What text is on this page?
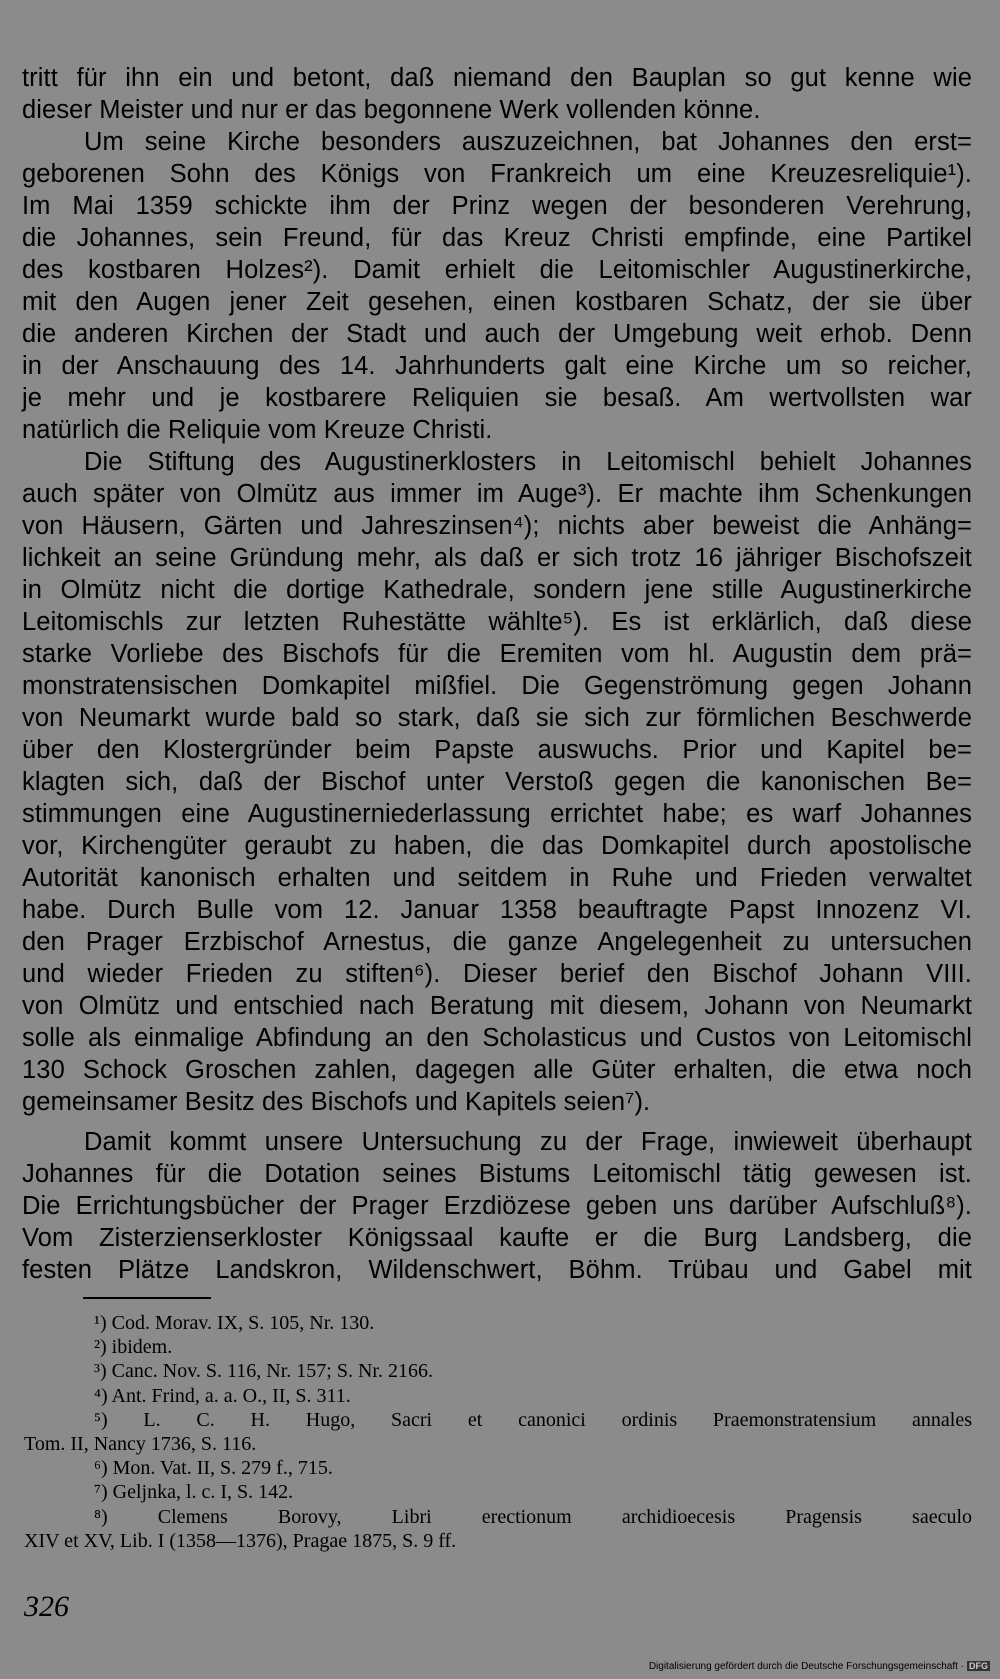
tritt für ihn ein und betont, daß niemand den Bauplan so gut kenne wie
dieser Meister und nur er das begonnene Werk vollenden könne.
Um seine Kirche besonders auszuzeichnen, bat Johannes den erst=
geborenen Sohn des Königs von Frankreich um eine Kreuzesreliquie¹).
Im Mai 1359 schickte ihm der Prinz wegen der besonderen Verehrung,
die Johannes, sein Freund, für das Kreuz Christi empfinde, eine Partikel
des kostbaren Holzes²). Damit erhielt die Leitomischler Augustinerkirche,
mit den Augen jener Zeit gesehen, einen kostbaren Schatz, der sie über
die anderen Kirchen der Stadt und auch der Umgebung weit erhob. Denn
in der Anschauung des 14. Jahrhunderts galt eine Kirche um so reicher,
je mehr und je kostbarere Reliquien sie besaß. Am wertvollsten war
natürlich die Reliquie vom Kreuze Christi.
Die Stiftung des Augustinerklosters in Leitomischl behielt Johannes
auch später von Olmütz aus immer im Auge³). Er machte ihm Schenkungen
von Häusern, Gärten und Jahreszinsen⁴); nichts aber beweist die Anhäng=
lichkeit an seine Gründung mehr, als daß er sich trotz 16 jähriger Bischofszeit
in Olmütz nicht die dortige Kathedrale, sondern jene stille Augustinerkirche
Leitomischls zur letzten Ruhestätte wählte⁵). Es ist erklärlich, daß diese
starke Vorliebe des Bischofs für die Eremiten vom hl. Augustin dem prä=
monstratensischen Domkapitel mißfiel. Die Gegenströmung gegen Johann
von Neumarkt wurde bald so stark, daß sie sich zur förmlichen Beschwerde
über den Klostergründer beim Papste auswuchs. Prior und Kapitel be=
klagten sich, daß der Bischof unter Verstoß gegen die kanonischen Be=
stimmungen eine Augustinerniederlassung errichtet habe; es warf Johannes
vor, Kirchengüter geraubt zu haben, die das Domkapitel durch apostolische
Autorität kanonisch erhalten und seitdem in Ruhe und Frieden verwaltet
habe. Durch Bulle vom 12. Januar 1358 beauftragte Papst Innozenz VI.
den Prager Erzbischof Arnestus, die ganze Angelegenheit zu untersuchen
und wieder Frieden zu stiften⁶). Dieser berief den Bischof Johann VIII.
von Olmütz und entschied nach Beratung mit diesem, Johann von Neumarkt
solle als einmalige Abfindung an den Scholasticus und Custos von Leitomischl
130 Schock Groschen zahlen, dagegen alle Güter erhalten, die etwa noch
gemeinsamer Besitz des Bischofs und Kapitels seien⁷).
Damit kommt unsere Untersuchung zu der Frage, inwieweit überhaupt
Johannes für die Dotation seines Bistums Leitomischl tätig gewesen ist.
Die Errichtungsbücher der Prager Erzdiözese geben uns darüber Aufschluß⁸).
Vom Zisterzienserkloster Königssaal kaufte er die Burg Landsberg, die
festen Plätze Landskron, Wildenschwert, Böhm. Trübau und Gabel mit
¹) Cod. Morav. IX, S. 105, Nr. 130.
²) ibidem.
³) Canc. Nov. S. 116, Nr. 157; S. Nr. 2166.
⁴) Ant. Frind, a. a. O., II, S. 311.
⁵) L. C. H. Hugo, Sacri et canonici ordinis Praemonstratensium annales
Tom. II, Nancy 1736, S. 116.
⁶) Mon. Vat. II, S. 279 f., 715.
⁷) Geljnka, l. c. I, S. 142.
⁸) Clemens Borovy, Libri erectionum archidioecesis Pragensis saeculo
XIV et XV, Lib. I (1358—1376), Pragae 1875, S. 9 ff.
326
Digitalisierung gefördert durch die Deutsche Forschungsgemeinschaft · DFG
